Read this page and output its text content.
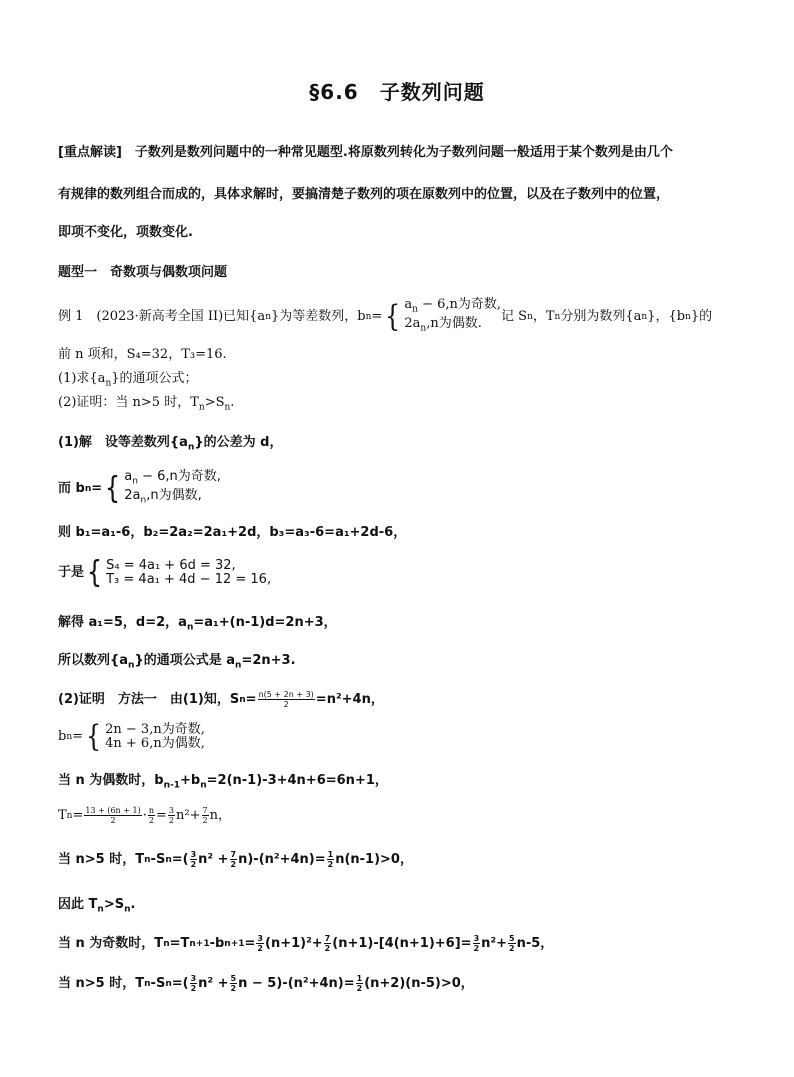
§6.6　子数列问题
[重点解读]　子数列是数列问题中的一种常见题型.将原数列转化为子数列问题一般适用于某个数列是由几个
有规律的数列组合而成的，具体求解时，要搞清楚子数列的项在原数列中的位置，以及在子数列中的位置，
即项不变化，项数变化.
题型一　奇数项与偶数项问题
例 1　(2023·新高考全国 II)已知{a n }为等差数列，b n = { $a_n - 6,n$为奇数,
$2a_n,n$为偶数.	记 S n ，T n 分别为数列{a n }，{b n }的
前 n 项和，S₄=32，T₃=16.
(1)求$\{a_n\}$的通项公式；
(2)证明：当 n>5 时，$T_n>S_n$.
(1)解　设等差数列$\{a_n\}$的公差为 d，
而 b n = { $a_n - 6,n$为奇数,
$2a_n,n$为偶数,
则 b₁=a₁-6，b₂=2a₂=2a₁+2d，b₃=a₃-6=a₁+2d-6，
于是 { S₄ = 4a₁ + 6d = 32,
T₃ = 4a₁ + 4d − 12 = 16,
解得 a₁=5，d=2，$a_n=a_1+(n-1)d=2n+3$，
所以数列$\{a_n\}$的通项公式是 $a_n=2n+3$.
(2)证明　方法一　由(1)知，S $n = \frac{n(5 + 2n + 3)}{2} =n^2+4n$，
b n = { 2n − 3,n为奇数,
4n + 6,n为偶数,
当 n 为偶数时，$b_{n-1}+b_n=2(n-1)-3+4n+6=6n+1$，
T $n = \frac{13 + (6n + 1)}{2} \cdot \frac{n}{2} = \frac{3}{2} n^2+ \frac{7}{2}$ n，
当 n>5 时，T n -S n =( $\frac{3}{2} n^2 + \frac{7}{2} n)-(n^2+4n)= \frac{1}{2} n(n-1)>0$，
因此 $T_n>S_n$.
当 n 为奇数时，T n =T n+1 -b $n+1 = \frac{3}{2} (n+1)^2+ \frac{7}{2} (n+1)-[4(n+1)+6]= \frac{3}{2} n^2+ \frac{5}{2} n-5$，
当 n>5 时，T n -S n =( $\frac{3}{2} n^2 + \frac{5}{2}$ $n - 5)-(n^2+4n)= \frac{1}{2} (n+2)(n-5)>0$，
